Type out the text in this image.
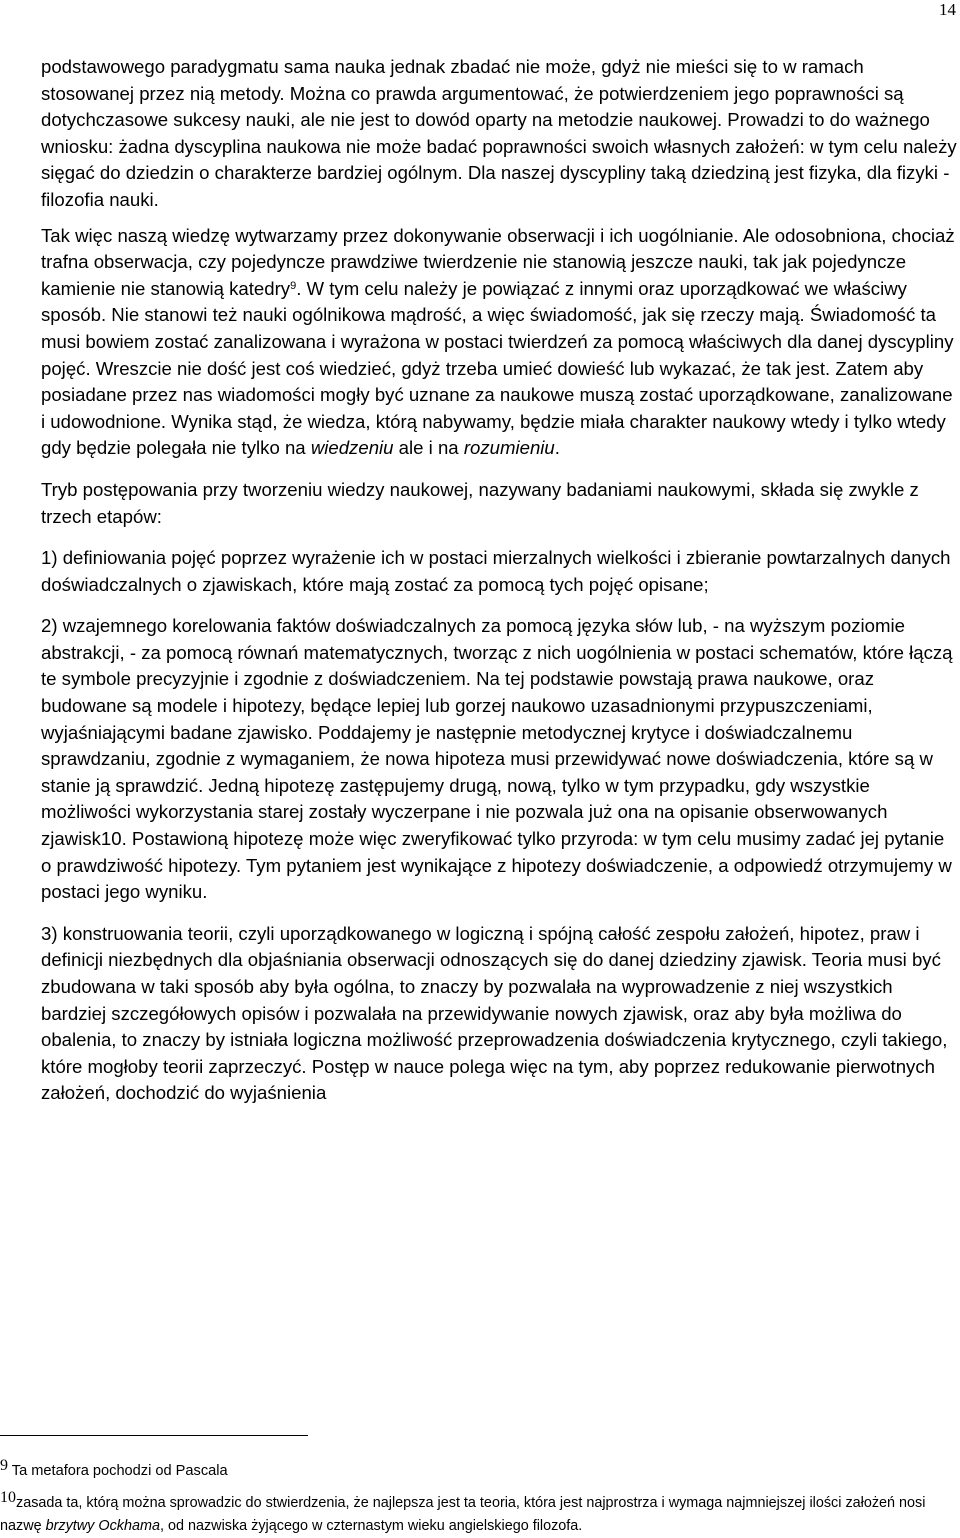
14

podstawowego paradygmatu sama nauka jednak zbadać nie może, gdyż nie mieści się to w ramach stosowanej przez nią metody. Można co prawda argumentować, że potwierdzeniem jego poprawności są dotychczasowe sukcesy nauki, ale nie jest to dowód oparty na metodzie naukowej. Prowadzi to do ważnego wniosku: żadna dyscyplina naukowa nie może badać poprawności swoich własnych założeń: w tym celu należy sięgać do dziedzin o charakterze bardziej ogólnym. Dla naszej dyscypliny taką dziedziną jest fizyka, dla fizyki - filozofia nauki.

Tak więc naszą wiedzę wytwarzamy przez dokonywanie obserwacji i ich uogólnianie. Ale odosobniona, chociaż trafna obserwacja, czy pojedyncze prawdziwe twierdzenie nie stanowią jeszcze nauki, tak jak pojedyncze kamienie nie stanowią katedry$^9$. W tym celu należy je powiązać z innymi oraz uporządkować we właściwy sposób. Nie stanowi też nauki ogólnikowa mądrość, a więc świadomość, jak się rzeczy mają. Świadomość ta musi bowiem zostać zanalizowana i wyrażona w postaci twierdzeń za pomocą właściwych dla danej dyscypliny pojęć. Wreszcie nie dość jest coś wiedzieć, gdyż trzeba umieć dowieść lub wykazać, że tak jest. Zatem aby posiadane przez nas wiadomości mogły być uznane za naukowe muszą zostać uporządkowane, zanalizowane i udowodnione. Wynika stąd, że wiedza, którą nabywamy, będzie miała charakter naukowy wtedy i tylko wtedy gdy będzie polegała nie tylko na wiedzeniu ale i na rozumieniu.

Tryb postępowania przy tworzeniu wiedzy naukowej, nazywany badaniami naukowymi, składa się zwykle z trzech etapów:

1) definiowania pojęć poprzez wyrażenie ich w postaci mierzalnych wielkości i zbieranie powtarzalnych danych doświadczalnych o zjawiskach, które mają zostać za pomocą tych pojęć opisane;

2) wzajemnego korelowania faktów doświadczalnych za pomocą języka słów lub, - na wyższym poziomie abstrakcji, - za pomocą równań matematycznych, tworząc z nich uogólnienia w postaci schematów, które łączą te symbole precyzyjnie i zgodnie z doświadczeniem. Na tej podstawie powstają prawa naukowe, oraz budowane są modele i hipotezy, będące lepiej lub gorzej naukowo uzasadnionymi przypuszczeniami, wyjaśniającymi badane zjawisko. Poddajemy je następnie metodycznej krytyce i doświadczalnemu sprawdzaniu, zgodnie z wymaganiem, że nowa hipoteza musi przewidywać nowe doświadczenia, które są w stanie ją sprawdzić. Jedną hipotezę zastępujemy drugą, nową, tylko w tym przypadku, gdy wszystkie możliwości wykorzystania starej zostały wyczerpane i nie pozwala już ona na opisanie obserwowanych zjawisk10. Postawioną hipotezę może więc zweryfikować tylko przyroda: w tym celu musimy zadać jej pytanie o prawdziwość hipotezy. Tym pytaniem jest wynikające z hipotezy doświadczenie, a odpowiedź otrzymujemy w postaci jego wyniku.

3) konstruowania teorii, czyli uporządkowanego w logiczną i spójną całość zespołu założeń, hipotez, praw i definicji niezbędnych dla objaśniania obserwacji odnoszących się do danej dziedziny zjawisk. Teoria musi być zbudowana w taki sposób aby była ogólna, to znaczy by pozwalała na wyprowadzenie z niej wszystkich bardziej szczegółowych opisów i pozwalała na przewidywanie nowych zjawisk, oraz aby była możliwa do obalenia, to znaczy by istniała logiczna możliwość przeprowadzenia doświadczenia krytycznego, czyli takiego, które mogłoby teorii zaprzeczyć. Postęp w nauce polega więc na tym, aby poprzez redukowanie pierwotnych założeń, dochodzić do wyjaśnienia

9 Ta metafora pochodzi od Pascala
10zasada ta, którą można sprowadzic do stwierdzenia, że najlepsza jest ta teoria, która jest najprostrza i wymaga najmniejszej ilości założeń nosi nazwę brzytwy Ockhama, od nazwiska żyjącego w czternastym wieku angielskiego filozofa.
